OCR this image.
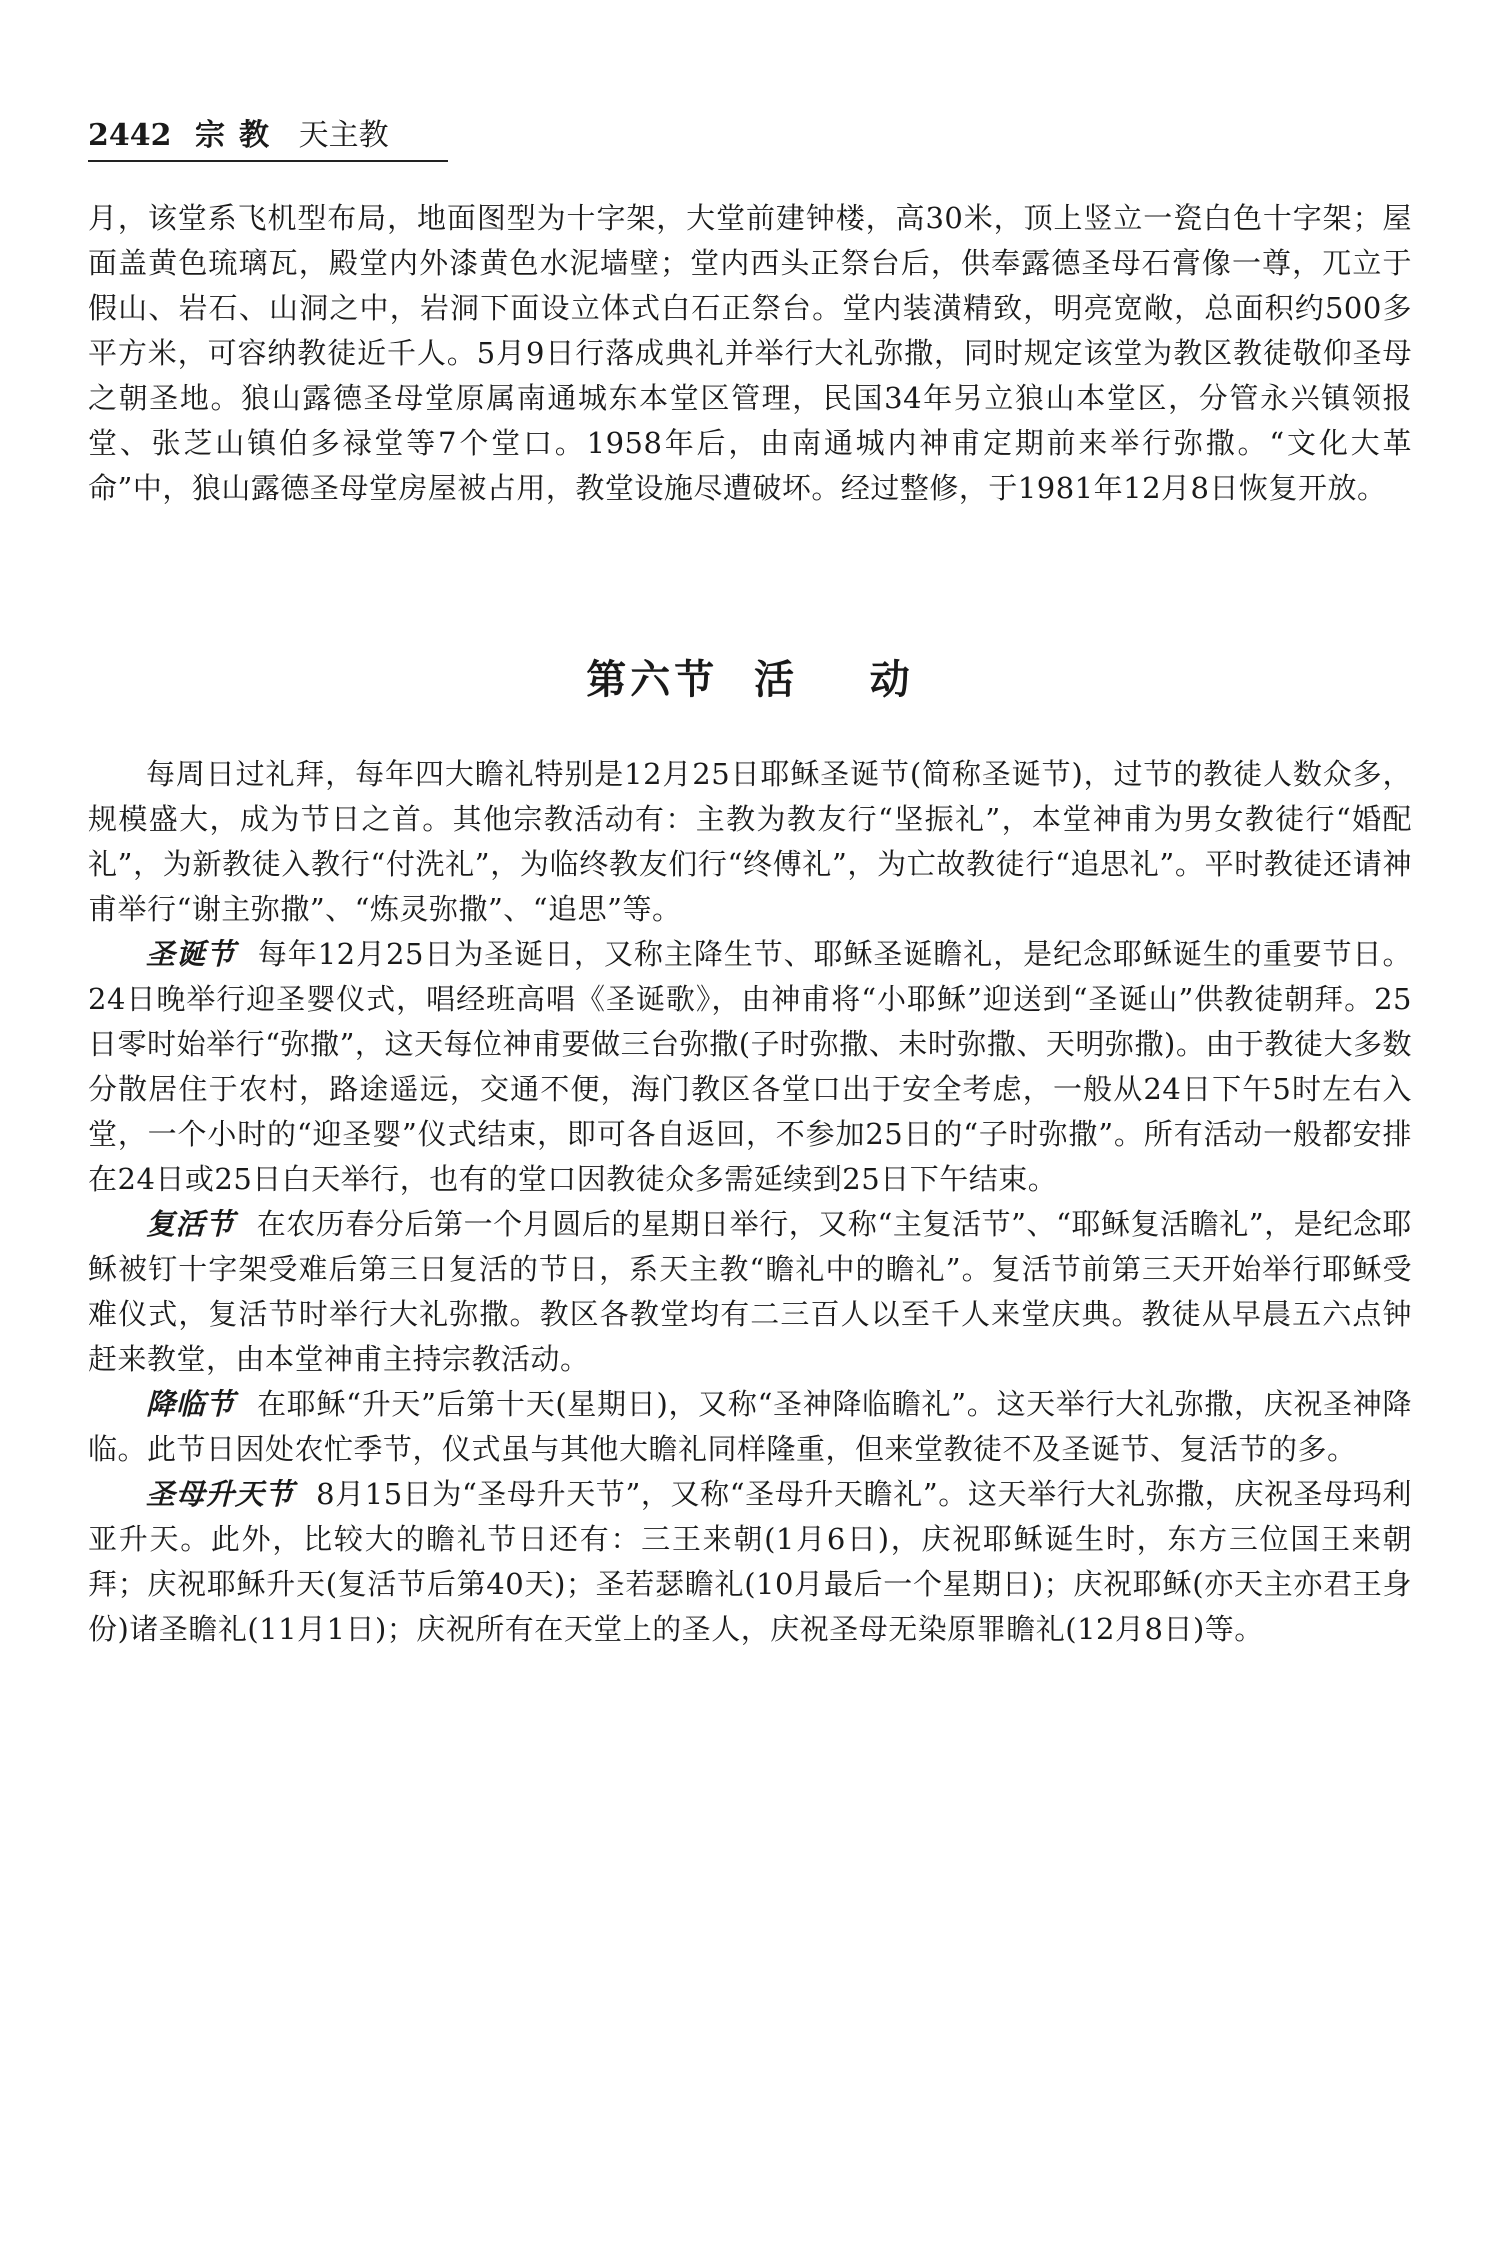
2442 宗教 天主教

月，该堂系飞机型布局，地面图型为十字架，大堂前建钟楼，高30米，顶上竖立一瓷白色十字架；屋面盖黄色琉璃瓦，殿堂内外漆黄色水泥墙壁；堂内西头正祭台后，供奉露德圣母石膏像一尊，兀立于假山、岩石、山洞之中，岩洞下面设立体式白石正祭台。堂内装潢精致，明亮宽敞，总面积约500多平方米，可容纳教徒近千人。5月9日行落成典礼并举行大礼弥撒，同时规定该堂为教区教徒敬仰圣母之朝圣地。狼山露德圣母堂原属南通城东本堂区管理，民国34年另立狼山本堂区，分管永兴镇领报堂、张芝山镇伯多禄堂等7个堂口。1958年后，由南通城内神甫定期前来举行弥撒。“文化大革命”中，狼山露德圣母堂房屋被占用，教堂设施尽遭破坏。经过整修，于1981年12月8日恢复开放。

第六节  活    动

每周日过礼拜，每年四大瞻礼特别是12月25日耶稣圣诞节(简称圣诞节)，过节的教徒人数众多，规模盛大，成为节日之首。其他宗教活动有：主教为教友行“坚振礼”，本堂神甫为男女教徒行“婚配礼”，为新教徒入教行“付洗礼”，为临终教友们行“终傅礼”，为亡故教徒行“追思礼”。平时教徒还请神甫举行“谢主弥撒”、“炼灵弥撒”、“追思”等。

圣诞节 每年12月25日为圣诞日，又称主降生节、耶稣圣诞瞻礼，是纪念耶稣诞生的重要节日。24日晚举行迎圣婴仪式，唱经班高唱《圣诞歌》，由神甫将“小耶稣”迎送到“圣诞山”供教徒朝拜。25日零时始举行“弥撒”，这天每位神甫要做三台弥撒(子时弥撒、未时弥撒、天明弥撒)。由于教徒大多数分散居住于农村，路途遥远，交通不便，海门教区各堂口出于安全考虑，一般从24日下午5时左右入堂，一个小时的“迎圣婴”仪式结束，即可各自返回，不参加25日的“子时弥撒”。所有活动一般都安排在24日或25日白天举行，也有的堂口因教徒众多需延续到25日下午结束。

复活节 在农历春分后第一个月圆后的星期日举行，又称“主复活节”、“耶稣复活瞻礼”，是纪念耶稣被钉十字架受难后第三日复活的节日，系天主教“瞻礼中的瞻礼”。复活节前第三天开始举行耶稣受难仪式，复活节时举行大礼弥撒。教区各教堂均有二三百人以至千人来堂庆典。教徒从早晨五六点钟赶来教堂，由本堂神甫主持宗教活动。

降临节 在耶稣“升天”后第十天(星期日)，又称“圣神降临瞻礼”。这天举行大礼弥撒，庆祝圣神降临。此节日因处农忙季节，仪式虽与其他大瞻礼同样隆重，但来堂教徒不及圣诞节、复活节的多。

圣母升天节 8月15日为“圣母升天节”，又称“圣母升天瞻礼”。这天举行大礼弥撒，庆祝圣母玛利亚升天。此外，比较大的瞻礼节日还有：三王来朝(1月6日)，庆祝耶稣诞生时，东方三位国王来朝拜；庆祝耶稣升天(复活节后第40天)；圣若瑟瞻礼(10月最后一个星期日)；庆祝耶稣(亦天主亦君王身份)诸圣瞻礼(11月1日)；庆祝所有在天堂上的圣人，庆祝圣母无染原罪瞻礼(12月8日)等。
